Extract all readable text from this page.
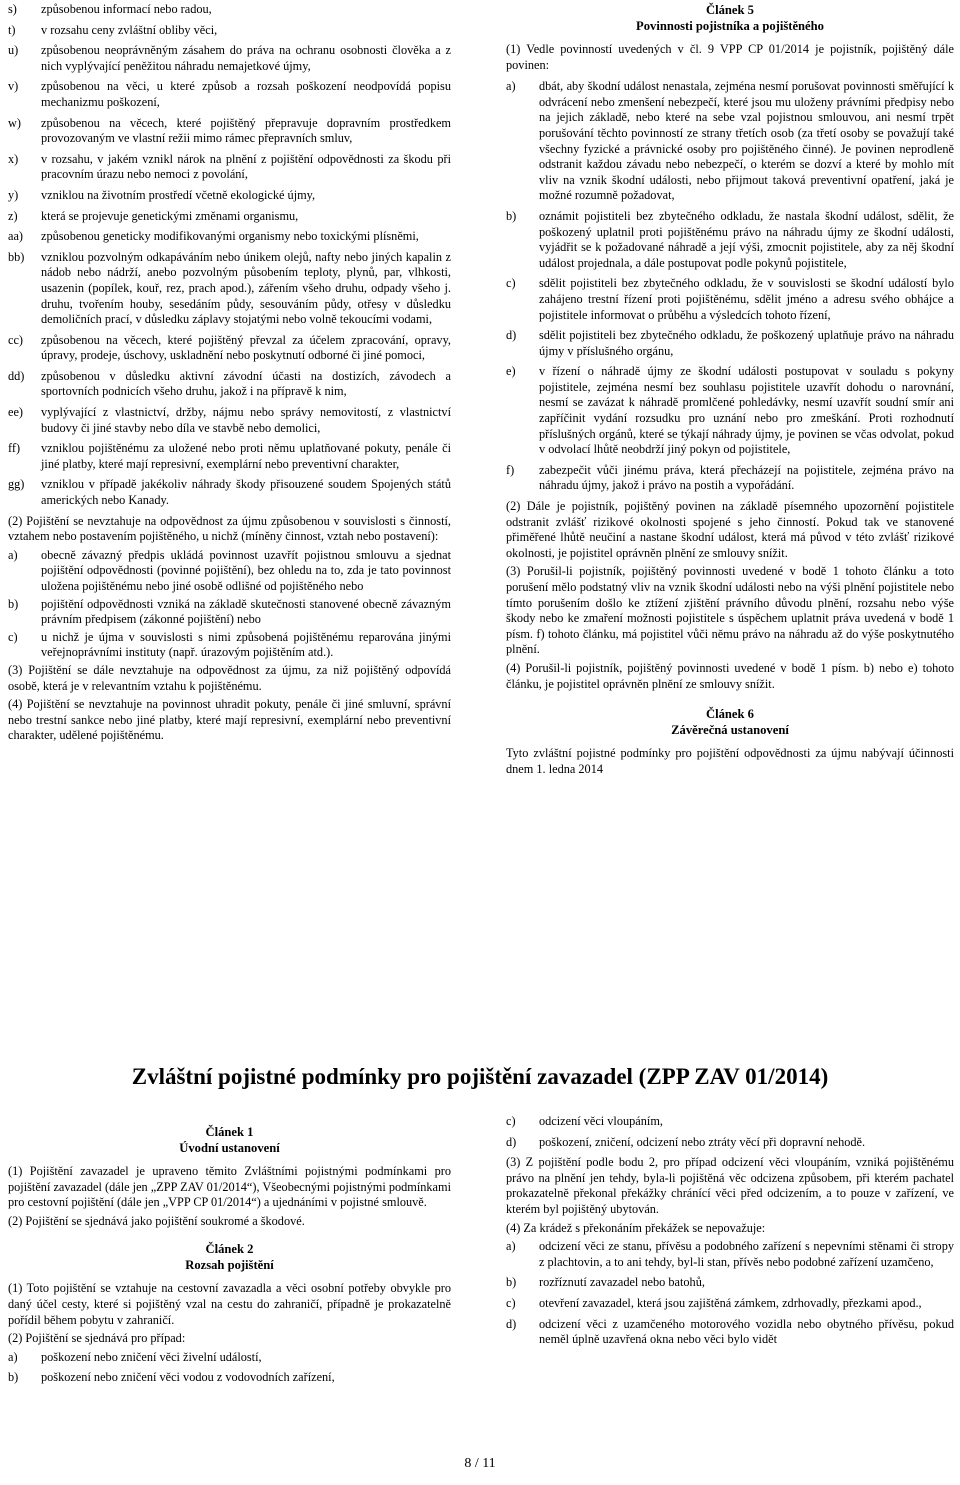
s)	způsobenou informací nebo radou,
t)	v rozsahu ceny zvláštní obliby věci,
u)	způsobenou neoprávněným zásahem do práva na ochranu osobnosti člověka a z nich vyplývající peněžitou náhradu nemajetkové újmy,
v)	způsobenou na věci, u které způsob a rozsah poškození neodpovídá popisu mechanizmu poškození,
w)	způsobenou na věcech, které pojištěný přepravuje dopravním prostředkem provozovaným ve vlastní režii mimo rámec přepravních smluv,
x)	v rozsahu, v jakém vznikl nárok na plnění z pojištění odpovědnosti za škodu při pracovním úrazu nebo nemoci z povolání,
y)	vzniklou na životním prostředí včetně ekologické újmy,
z)	která se projevuje genetickými změnami organismu,
aa)	způsobenou geneticky modifikovanými organismy nebo toxickými plísněmi,
bb)	vzniklou pozvolným odkapáváním nebo únikem olejů, nafty nebo jiných kapalin z nádob nebo nádrží, anebo pozvolným působením teploty, plynů, par, vlhkosti, usazenin (popílek, kouř, rez, prach apod.), zářením všeho druhu, odpady všeho j. druhu, tvořením houby, sesedáním půdy, sesouváním půdy, otřesy v důsledku demoličních prací, v důsledku záplavy stojatými nebo volně tekoucími vodami,
cc)	způsobenou na věcech, které pojištěný převzal za účelem zpracování, opravy, úpravy, prodeje, úschovy, uskladnění nebo poskytnutí odborné či jiné pomoci,
dd)	způsobenou v důsledku aktivní závodní účasti na dostizích, závodech a sportovních podnicích všeho druhu, jakož i na přípravě k nim,
ee)	vyplývající z vlastnictví, držby, nájmu nebo správy nemovitostí, z vlastnictví budovy či jiné stavby nebo díla ve stavbě nebo demolici,
ff)	vzniklou pojištěnému za uložené nebo proti němu uplatňované pokuty, penále či jiné platby, které mají represivní, exemplární nebo preventivní charakter,
gg)	vzniklou v případě jakékoliv náhrady škody přisouzené soudem Spojených států amerických nebo Kanady.

(2) Pojištění se nevztahuje na odpovědnost za újmu způsobenou v souvislosti s činností, vztahem nebo postavením pojištěného, u nichž (míněny činnost, vztah nebo postavení):

a)	obecně závazný předpis ukládá povinnost uzavřít pojistnou smlouvu a sjednat pojištění odpovědnosti (povinné pojištění), bez ohledu na to, zda je tato povinnost uložena pojištěnému nebo jiné osobě odlišné od pojištěného nebo
b)	pojištění odpovědnosti vzniká na základě skutečnosti stanovené obecně závazným právním předpisem (zákonné pojištění) nebo
c)	u nichž je újma v souvislosti s nimi způsobená pojištěnému reparována jinými veřejnoprávními instituty (např. úrazovým pojištěním atd.).

(3) Pojištění se dále nevztahuje na odpovědnost za újmu, za niž pojištěný odpovídá osobě, která je v relevantním vztahu k pojištěnému.

(4) Pojištění se nevztahuje na povinnost uhradit pokuty, penále či jiné smluvní, správní nebo trestní sankce nebo jiné platby, které mají represivní, exemplární nebo preventivní charakter, udělené pojištěnému.

Článek 5

Povinnosti pojistníka a pojištěného

(1) Vedle povinností uvedených v čl. 9 VPP CP 01/2014 je pojistník, pojištěný dále povinen:

a)	dbát, aby škodní událost nenastala, zejména nesmí porušovat povinnosti směřující k odvrácení nebo zmenšení nebezpečí, které jsou mu uloženy právními předpisy nebo na jejich základě, nebo které na sebe vzal pojistnou smlouvou, ani nesmí trpět porušování těchto povinností ze strany třetích osob (za třetí osoby se považují také všechny fyzické a právnické osoby pro pojištěného činné). Je povinen neprodleně odstranit každou závadu nebo nebezpečí, o kterém se dozví a které by mohlo mít vliv na vznik škodní události, nebo přijmout taková preventivní opatření, jaká je možné rozumně požadovat,
b)	oznámit pojistiteli bez zbytečného odkladu, že nastala škodní událost, sdělit, že poškozený uplatnil proti pojištěnému právo na náhradu újmy ze škodní události, vyjádřit se k požadované náhradě a její výši, zmocnit pojistitele, aby za něj škodní událost projednala, a dále postupovat podle pokynů pojistitele,
c)	sdělit pojistiteli bez zbytečného odkladu, že v souvislosti se škodní událostí bylo zahájeno trestní řízení proti pojištěnému, sdělit jméno a adresu svého obhájce a pojistitele informovat o průběhu a výsledcích tohoto řízení,
d)	sdělit pojistiteli bez zbytečného odkladu, že poškozený uplatňuje právo na náhradu újmy v příslušného orgánu,
e)	v řízení o náhradě újmy ze škodní události postupovat v souladu s pokyny pojistitele, zejména nesmí bez souhlasu pojistitele uzavřít dohodu o narovnání, nesmí se zavázat k náhradě promlčené pohledávky, nesmí uzavřít soudní smír ani zapříčinit vydání rozsudku pro uznání nebo pro zmeškání. Proti rozhodnutí příslušných orgánů, které se týkají náhrady újmy, je povinen se včas odvolat, pokud v odvolací lhůtě neobdrží jiný pokyn od pojistitele,
f)	zabezpečit vůči jinému práva, která přecházejí na pojistitele, zejména právo na náhradu újmy, jakož i právo na postih a vypořádání.

(2) Dále je pojistník, pojištěný povinen na základě písemného upozornění pojistitele odstranit zvlášť rizikové okolnosti spojené s jeho činností. Pokud tak ve stanovené přiměřené lhůtě neučiní a nastane škodní událost, která má původ v této zvlášť rizikové okolnosti, je pojistitel oprávněn plnění ze smlouvy snížit.

(3) Porušil-li pojistník, pojištěný povinnosti uvedené v bodě 1 tohoto článku a toto porušení mělo podstatný vliv na vznik škodní události nebo na výši plnění pojistitele nebo tímto porušením došlo ke ztížení zjištění právního důvodu plnění, rozsahu nebo výše škody nebo ke zmaření možnosti pojistitele s úspěchem uplatnit práva uvedená v bodě 1 písm. f) tohoto článku, má pojistitel vůči němu právo na náhradu až do výše poskytnutého plnění.

(4) Porušil-li pojistník, pojištěný povinnosti uvedené v bodě 1 písm. b) nebo e) tohoto článku, je pojistitel oprávněn plnění ze smlouvy snížit.

Článek 6

Závěrečná ustanovení

Tyto zvláštní pojistné podmínky pro pojištění odpovědnosti za újmu nabývají účinnosti dnem 1. ledna 2014

Zvláštní pojistné podmínky pro pojištění zavazadel (ZPP ZAV 01/2014)

Článek 1

Úvodní ustanovení

(1) Pojištění zavazadel je upraveno těmito Zvláštními pojistnými podmínkami pro pojištění zavazadel (dále jen „ZPP ZAV 01/2014“), Všeobecnými pojistnými podmínkami pro cestovní pojištění (dále jen „VPP CP 01/2014“) a ujednáními v pojistné smlouvě.

(2) Pojištění se sjednává jako pojištění soukromé a škodové.

Článek 2

Rozsah pojištění

(1) Toto pojištění se vztahuje na cestovní zavazadla a věci osobní potřeby obvykle pro daný účel cesty, které si pojištěný vzal na cestu do zahraničí, případně je prokazatelně pořídil během pobytu v zahraničí.

(2) Pojištění se sjednává pro případ:

a)	poškození nebo zničení věci živelní událostí,
b)	poškození nebo zničení věci vodou z vodovodních zařízení,
c)	odcizení věci vloupáním,
d)	poškození, zničení, odcizení nebo ztráty věcí při dopravní nehodě.

(3) Z pojištění podle bodu 2, pro případ odcizení věci vloupáním, vzniká pojištěnému právo na plnění jen tehdy, byla-li pojištěná věc odcizena způsobem, při kterém pachatel prokazatelně překonal překážky chránící věci před odcizením, a to pouze v zařízení, ve kterém byl pojištěný ubytován.

(4) Za krádež s překonáním překážek se nepovažuje:

a)	odcizení věci ze stanu, přívěsu a podobného zařízení s nepevními stěnami či stropy z plachtovin, a to ani tehdy, byl-li stan, přívěs nebo podobné zařízení uzamčeno,
b)	rozříznutí zavazadel nebo batohů,
c)	otevření zavazadel, která jsou zajištěná zámkem, zdrhovadly, přezkami apod.,
d)	odcizení věci z uzamčeného motorového vozidla nebo obytného přívěsu, pokud neměl úplně uzavřená okna nebo věci bylo vidět
8 / 11
